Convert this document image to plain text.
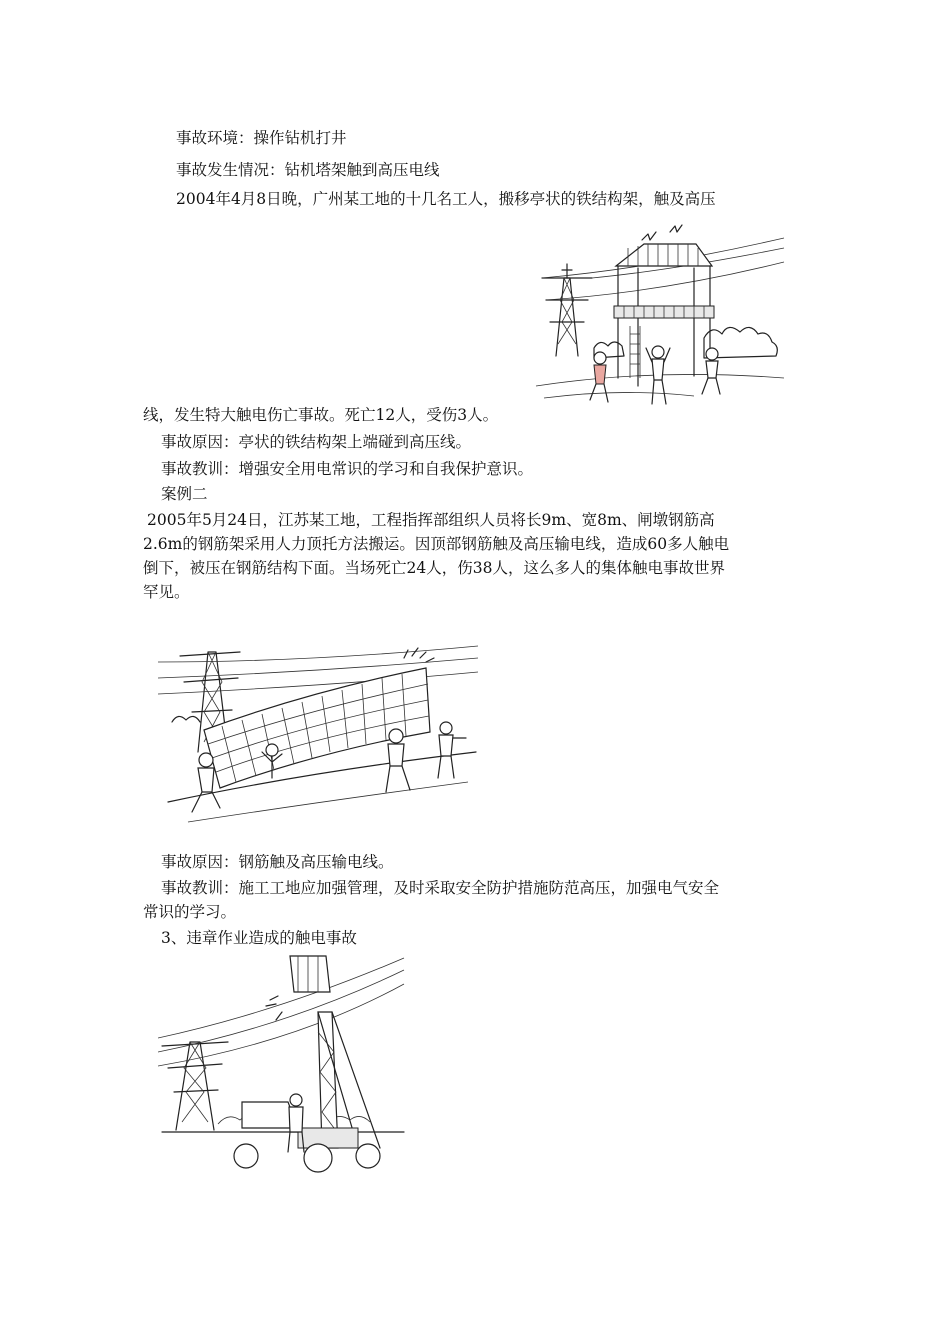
事故环境：操作钻机打井
事故发生情况：钻机塔架触到高压电线
2004年4月8日晚，广州某工地的十几名工人，搬移亭状的铁结构架，触及高压
线，发生特大触电伤亡事故。死亡12人，受伤3人。
事故原因：亭状的铁结构架上端碰到高压线。
事故教训：增强安全用电常识的学习和自我保护意识。
案例二
2005年5月24日，江苏某工地，工程指挥部组织人员将长9m、宽8m、闸墩钢筋高
2.6m的钢筋架采用人力顶托方法搬运。因顶部钢筋触及高压输电线，造成60多人触电
倒下，被压在钢筋结构下面。当场死亡24人，伤38人，这么多人的集体触电事故世界
罕见。
事故原因：钢筋触及高压输电线。
事故教训：施工工地应加强管理，及时采取安全防护措施防范高压，加强电气安全
常识的学习。
3、违章作业造成的触电事故
